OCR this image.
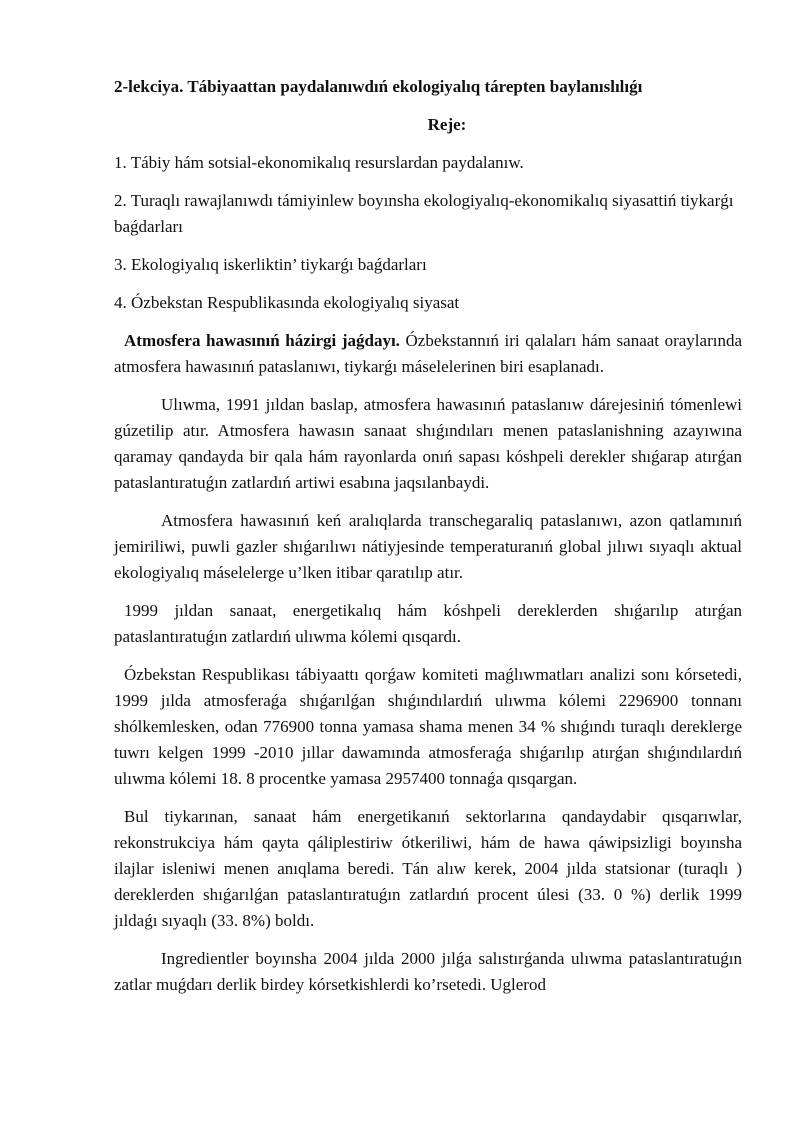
2-lekciya. Tábiyaattan paydalanıwdıń ekologiyalıq tárepten baylanıslılıǵı
Reje:
1. Tábiy hám sotsial-ekonomikalıq resurslardan paydalanıw.
2. Turaqlı rawajlanıwdı támiyinlew boyınsha ekologiyalıq-ekonomikalıq siyasattiń tiykarǵı baǵdarları
3. Ekologiyalıq iskerliktin’ tiykarǵı baǵdarları
4. Ózbekstan Respublikasında ekologiyalıq siyasat

Atmosfera hawasınıń házirgi jaǵdayı. Ózbekstannıń iri qalaları hám sanaat oraylarında atmosfera hawasınıń pataslanıwı, tiykarǵı máselelerinen biri esaplanadı.

Ulıwma, 1991 jıldan baslap, atmosfera hawasınıń pataslanıw dárejesiniń tómenlewi gúzetilip atır. Atmosfera hawasın sanaat shıǵındıları menen pataslanishning azayıwına qaramay qandayda bir qala hám rayonlarda onıń sapası kóshpeli derekler shıǵarap atırǵan pataslantıratuǵın zatlardıń artiwi esabına jaqsılanbaydi.

Atmosfera hawasınıń keń aralıqlarda transchegaraliq pataslanıwı, azon qatlamınıń jemiriliwi, puwli gazler shıǵarılıwı nátiyjesinde temperaturanıń global jılıwı sıyaqlı aktual ekologiyalıq máselelerge u’lken itibar qaratılıp atır.

1999 jıldan sanaat, energetikalıq hám kóshpeli dereklerden shıǵarılıp atırǵan pataslantıratuǵın zatlardıń ulıwma kólemi qısqardı.

Ózbekstan Respublikası tábiyaattı qorǵaw komiteti maǵlıwmatları analizi sonı kórsetedi, 1999 jılda atmosferaǵa shıǵarılǵan shıǵındılardıń ulıwma kólemi 2296900 tonnanı shólkemlesken, odan 776900 tonna yamasa shama menen 34 % shıǵındı turaqlı dereklerge tuwrı kelgen 1999 -2010 jıllar dawamında atmosferaǵa shıǵarılıp atırǵan shıǵındılardıń ulıwma kólemi 18. 8 procentke yamasa 2957400 tonnaǵa qısqargan.

Bul tiykarınan, sanaat hám energetikanıń sektorlarına qandaydabir qısqarıwlar, rekonstrukciya hám qayta qáliplestiriw ótkeriliwi, hám de hawa qáwipsizligi boyınsha ilajlar isleniwi menen anıqlama beredi. Tán alıw kerek, 2004 jılda statsionar (turaqlı ) dereklerden shıǵarılǵan pataslantıratuǵın zatlardıń procent úlesi (33. 0 %) derlik 1999 jıldaǵı sıyaqlı (33. 8%) boldı.

Ingredientler boyınsha 2004 jılda 2000 jılǵa salıstırǵanda ulıwma pataslantıratuǵın zatlar muǵdarı derlik birdey kórsetkishlerdi ko’rsetedi. Uglerod
